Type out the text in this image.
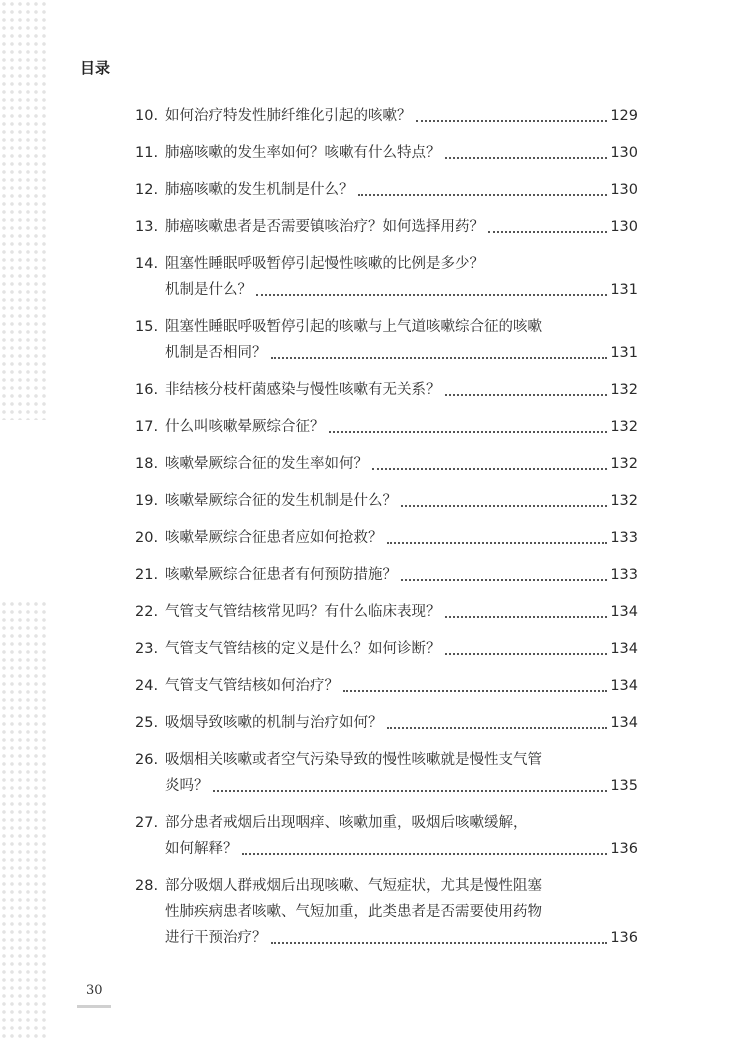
目录
10. 如何治疗特发性肺纤维化引起的咳嗽？	129
11. 肺癌咳嗽的发生率如何？咳嗽有什么特点？	130
12. 肺癌咳嗽的发生机制是什么？	130
13. 肺癌咳嗽患者是否需要镇咳治疗？如何选择用药？	130
14. 阻塞性睡眠呼吸暂停引起慢性咳嗽的比例是多少？
机制是什么？	131
15. 阻塞性睡眠呼吸暂停引起的咳嗽与上气道咳嗽综合征的咳嗽
机制是否相同？	131
16. 非结核分枝杆菌感染与慢性咳嗽有无关系？	132
17. 什么叫咳嗽晕厥综合征？	132
18. 咳嗽晕厥综合征的发生率如何？	132
19. 咳嗽晕厥综合征的发生机制是什么？	132
20. 咳嗽晕厥综合征患者应如何抢救？	133
21. 咳嗽晕厥综合征患者有何预防措施？	133
22. 气管支气管结核常见吗？有什么临床表现？	134
23. 气管支气管结核的定义是什么？如何诊断？	134
24. 气管支气管结核如何治疗？	134
25. 吸烟导致咳嗽的机制与治疗如何？	134
26. 吸烟相关咳嗽或者空气污染导致的慢性咳嗽就是慢性支气管
炎吗？	135
27. 部分患者戒烟后出现咽痒、咳嗽加重，吸烟后咳嗽缓解，
如何解释？	136
28. 部分吸烟人群戒烟后出现咳嗽、气短症状，尤其是慢性阻塞
性肺疾病患者咳嗽、气短加重，此类患者是否需要使用药物
进行干预治疗？	136
30
